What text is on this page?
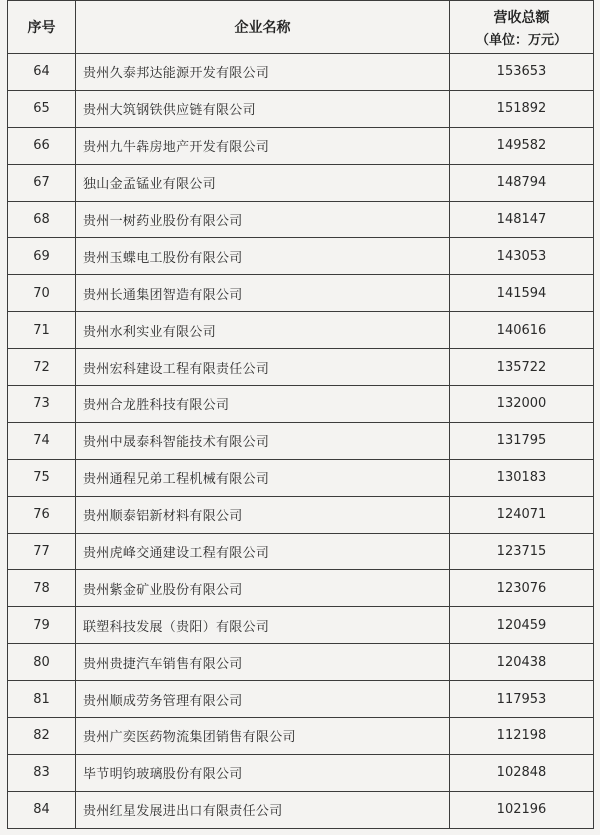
序号	企业名称	营收总额
（单位：万元）

64	贵州久泰邦达能源开发有限公司	153653
65	贵州大筑钢铁供应链有限公司	151892
66	贵州九牛犇房地产开发有限公司	149582
67	独山金孟锰业有限公司	148794
68	贵州一树药业股份有限公司	148147
69	贵州玉蝶电工股份有限公司	143053
70	贵州长通集团智造有限公司	141594
71	贵州水利实业有限公司	140616
72	贵州宏科建设工程有限责任公司	135722
73	贵州合龙胜科技有限公司	132000
74	贵州中晟泰科智能技术有限公司	131795
75	贵州通程兄弟工程机械有限公司	130183
76	贵州顺泰铝新材料有限公司	124071
77	贵州虎峰交通建设工程有限公司	123715
78	贵州紫金矿业股份有限公司	123076
79	联塑科技发展（贵阳）有限公司	120459
80	贵州贵捷汽车销售有限公司	120438
81	贵州顺成劳务管理有限公司	117953
82	贵州广奕医药物流集团销售有限公司	112198
83	毕节明钧玻璃股份有限公司	102848
84	贵州红星发展进出口有限责任公司	102196
